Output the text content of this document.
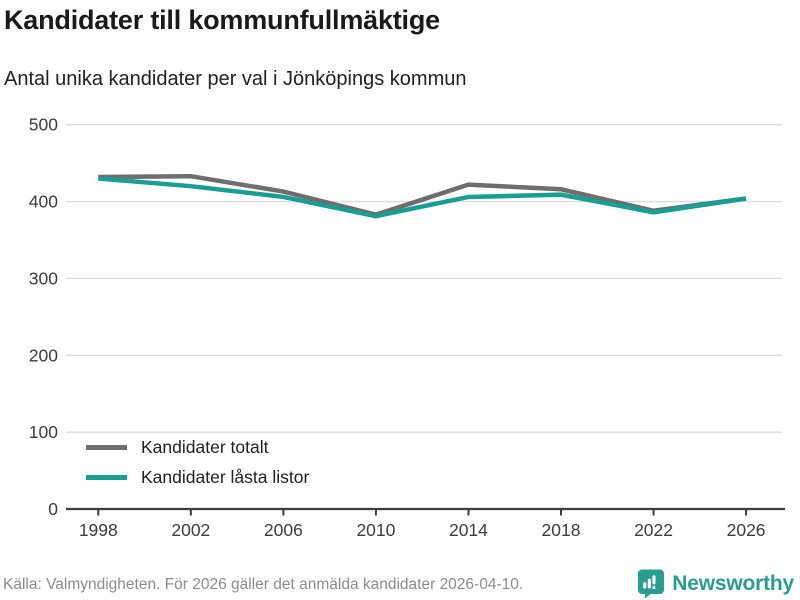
Kandidater till kommunfullmäktige
Antal unika kandidater per val i Jönköpings kommun
0
100
200
300
400
500
1998	2002	2006	2010	2014	2018	2022	2026
Kandidater totalt
Kandidater låsta listor
Källa: Valmyndigheten. För 2026 gäller det anmälda kandidater 2026-04-10.	Newsworthy
